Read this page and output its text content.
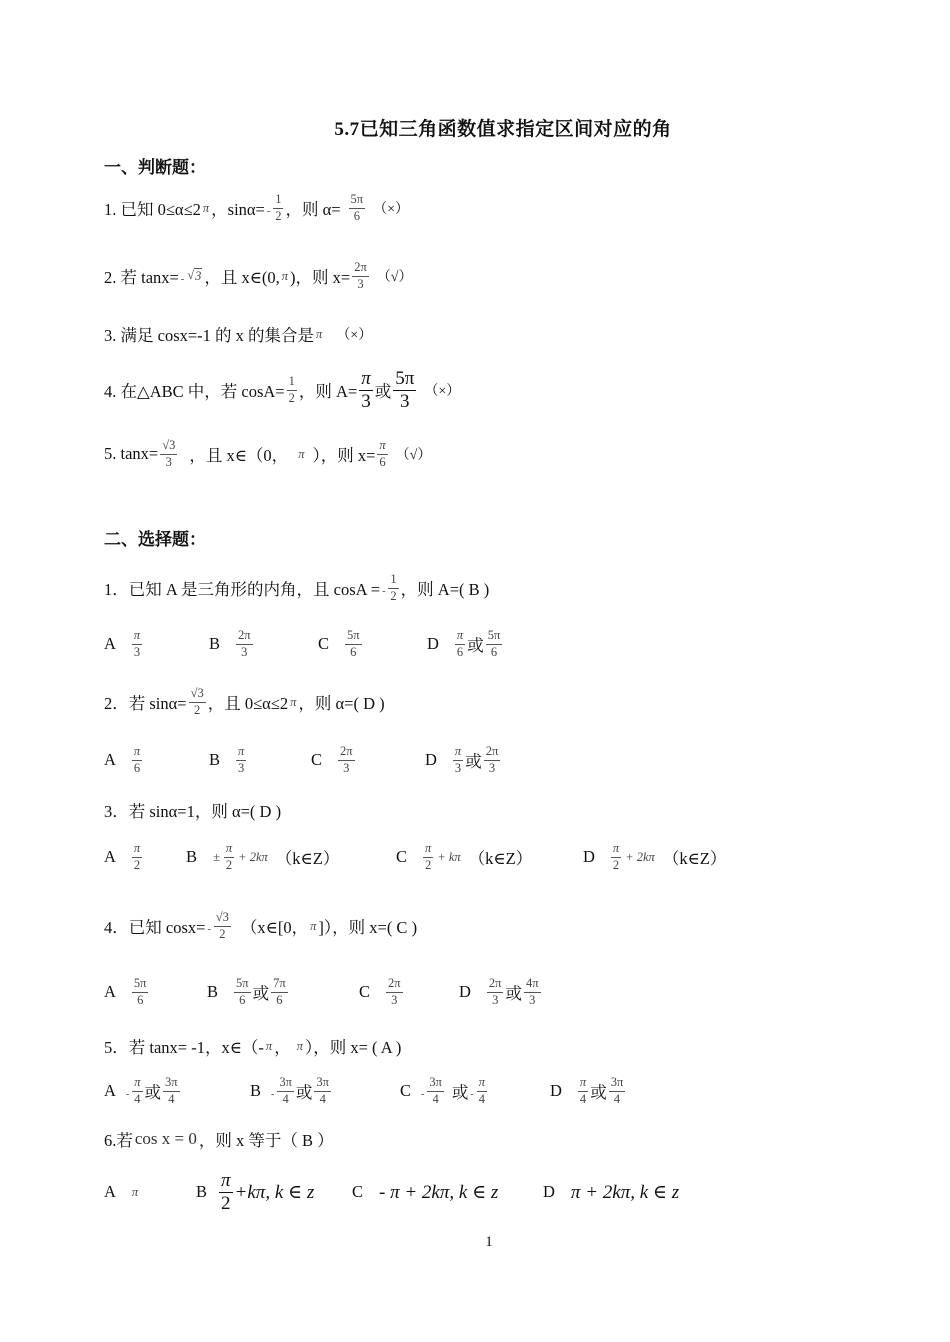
5.7已知三角函数值求指定区间对应的角
一、判断题：
1. 已知 0≤α≤2 π ，$\sin\alpha= - \frac{1}{2}$ ，则 $\alpha= \frac{5\pi}{6}$ （×）
2. 若 tanx= - √ 3 ，且 x∈(0, π )，则 $x= \frac{2\pi}{3}$ （√）
3. 满足 cosx=-1 的 x 的集合是 π （×）
4. 在△ABC 中，若 $\cos A= \frac{1}{2}$ ，则 $A= \frac{\pi}{3}$ 或 $\frac{5\pi}{3}$ （×）
5. $\tan x= \frac{√3}{3}$ ，且 x∈（0， π ），则 $x= \frac{\pi}{6}$ （√）
二、选择题：
1．已知 A 是三角形的内角，且 cosA = - $\frac{1}{2}$ ，则 A=( B )
A $\frac{\pi}{3}$	B $\frac{2\pi}{3}$	C $\frac{5\pi}{6}$	D $\frac{\pi}{6}$ 或 $\frac{5\pi}{6}$
2．若 $\sin\alpha= \frac{√3}{2}$ ，且 0≤α≤2 π ，则 α=( D )
A $\frac{\pi}{6}$	B $\frac{\pi}{3}$	C $\frac{2\pi}{3}$	D $\frac{\pi}{3}$ 或 $\frac{2\pi}{3}$
3．若 sinα=1，则 α=( D )
A $\frac{\pi}{2}$	$B \pm \frac{\pi}{2} + 2k\pi$ （k∈Z）	C $\frac{\pi}{2} + k\pi$ （k∈Z）	D $\frac{\pi}{2} + 2k\pi$ （k∈Z）
4．已知 $\cos x= - \frac{√3}{2}$ （x∈[0， π ]），则 x=( C )
A $\frac{5\pi}{6}$	B $\frac{5\pi}{6}$ 或 $\frac{7\pi}{6}$	C $\frac{2\pi}{3}$	D $\frac{2\pi}{3}$ 或 $\frac{4\pi}{3}$
5．若 tanx= -1，x∈（- π ， π ），则 x= ( A )
A - $\frac{\pi}{4}$ 或 $\frac{3\pi}{4}$	B - $\frac{3\pi}{4}$ 或 $\frac{3\pi}{4}$	C - $\frac{3\pi}{4}$ 或 - $\frac{\pi}{4}$	D $\frac{\pi}{4}$ 或 $\frac{3\pi}{4}$
6.若 cos x = 0 ，则 x 等于（ B ）
A π	B $\frac{\pi}{2} +k\pi$, k ∈ z C - π + 2kπ, k ∈ z	D π + 2kπ, k ∈ z
1
